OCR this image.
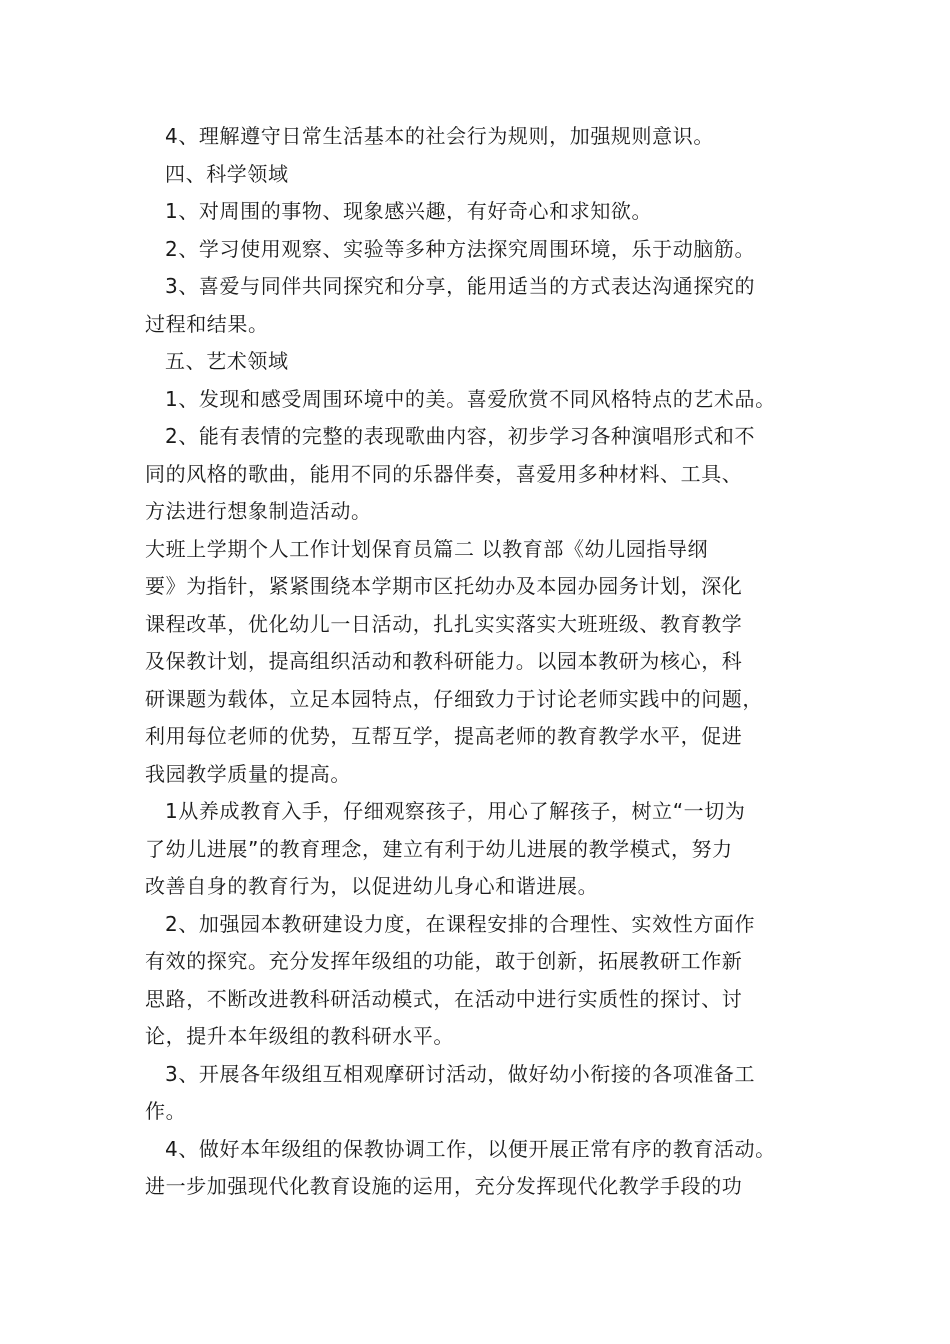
4、理解遵守日常生活基本的社会行为规则，加强规则意识。
四、科学领域
1、对周围的事物、现象感兴趣，有好奇心和求知欲。
2、学习使用观察、实验等多种方法探究周围环境，乐于动脑筋。
3、喜爱与同伴共同探究和分享，能用适当的方式表达沟通探究的
过程和结果。
五、艺术领域
1、发现和感受周围环境中的美。喜爱欣赏不同风格特点的艺术品。
2、能有表情的完整的表现歌曲内容，初步学习各种演唱形式和不
同的风格的歌曲，能用不同的乐器伴奏，喜爱用多种材料、工具、
方法进行想象制造活动。
大班上学期个人工作计划保育员篇二 以教育部《幼儿园指导纲
要》为指针，紧紧围绕本学期市区托幼办及本园办园务计划，深化
课程改革，优化幼儿一日活动，扎扎实实落实大班班级、教育教学
及保教计划，提高组织活动和教科研能力。以园本教研为核心，科
研课题为载体，立足本园特点，仔细致力于讨论老师实践中的问题，
利用每位老师的优势，互帮互学，提高老师的教育教学水平，促进
我园教学质量的提高。
1从养成教育入手，仔细观察孩子，用心了解孩子，树立“一切为
了幼儿进展”的教育理念，建立有利于幼儿进展的教学模式，努力
改善自身的教育行为，以促进幼儿身心和谐进展。
2、加强园本教研建设力度，在课程安排的合理性、实效性方面作
有效的探究。充分发挥年级组的功能，敢于创新，拓展教研工作新
思路，不断改进教科研活动模式，在活动中进行实质性的探讨、讨
论，提升本年级组的教科研水平。
3、开展各年级组互相观摩研讨活动，做好幼小衔接的各项准备工
作。
4、做好本年级组的保教协调工作，以便开展正常有序的教育活动。
进一步加强现代化教育设施的运用，充分发挥现代化教学手段的功
